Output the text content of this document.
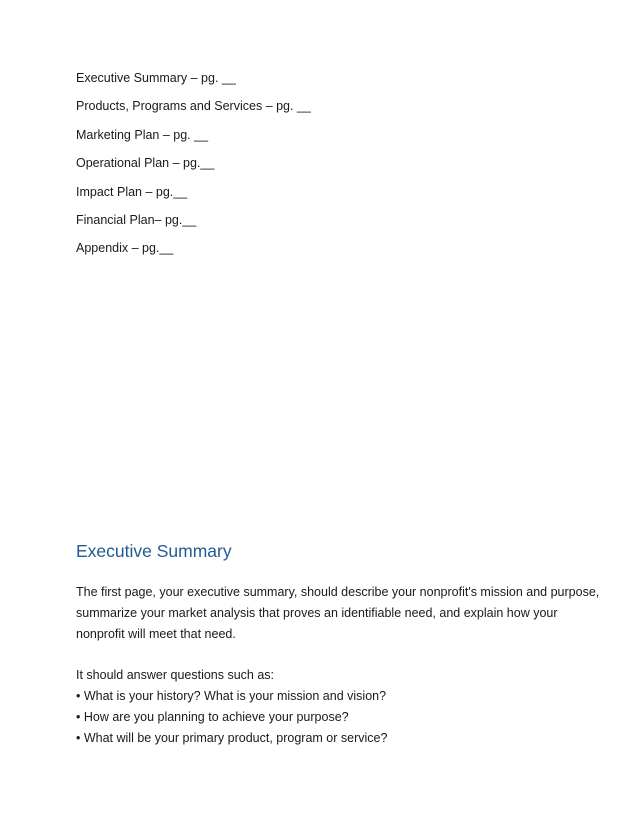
Executive Summary – pg. __
Products, Programs and Services – pg. __
Marketing Plan – pg. __
Operational Plan – pg.__
Impact Plan – pg.__
Financial Plan– pg.__
Appendix – pg.__
Executive Summary

The first page, your executive summary, should describe your nonprofit's mission and purpose,
summarize your market analysis that proves an identifiable need, and explain how your
nonprofit will meet that need.

It should answer questions such as:
• What is your history? What is your mission and vision?
• How are you planning to achieve your purpose?
• What will be your primary product, program or service?
